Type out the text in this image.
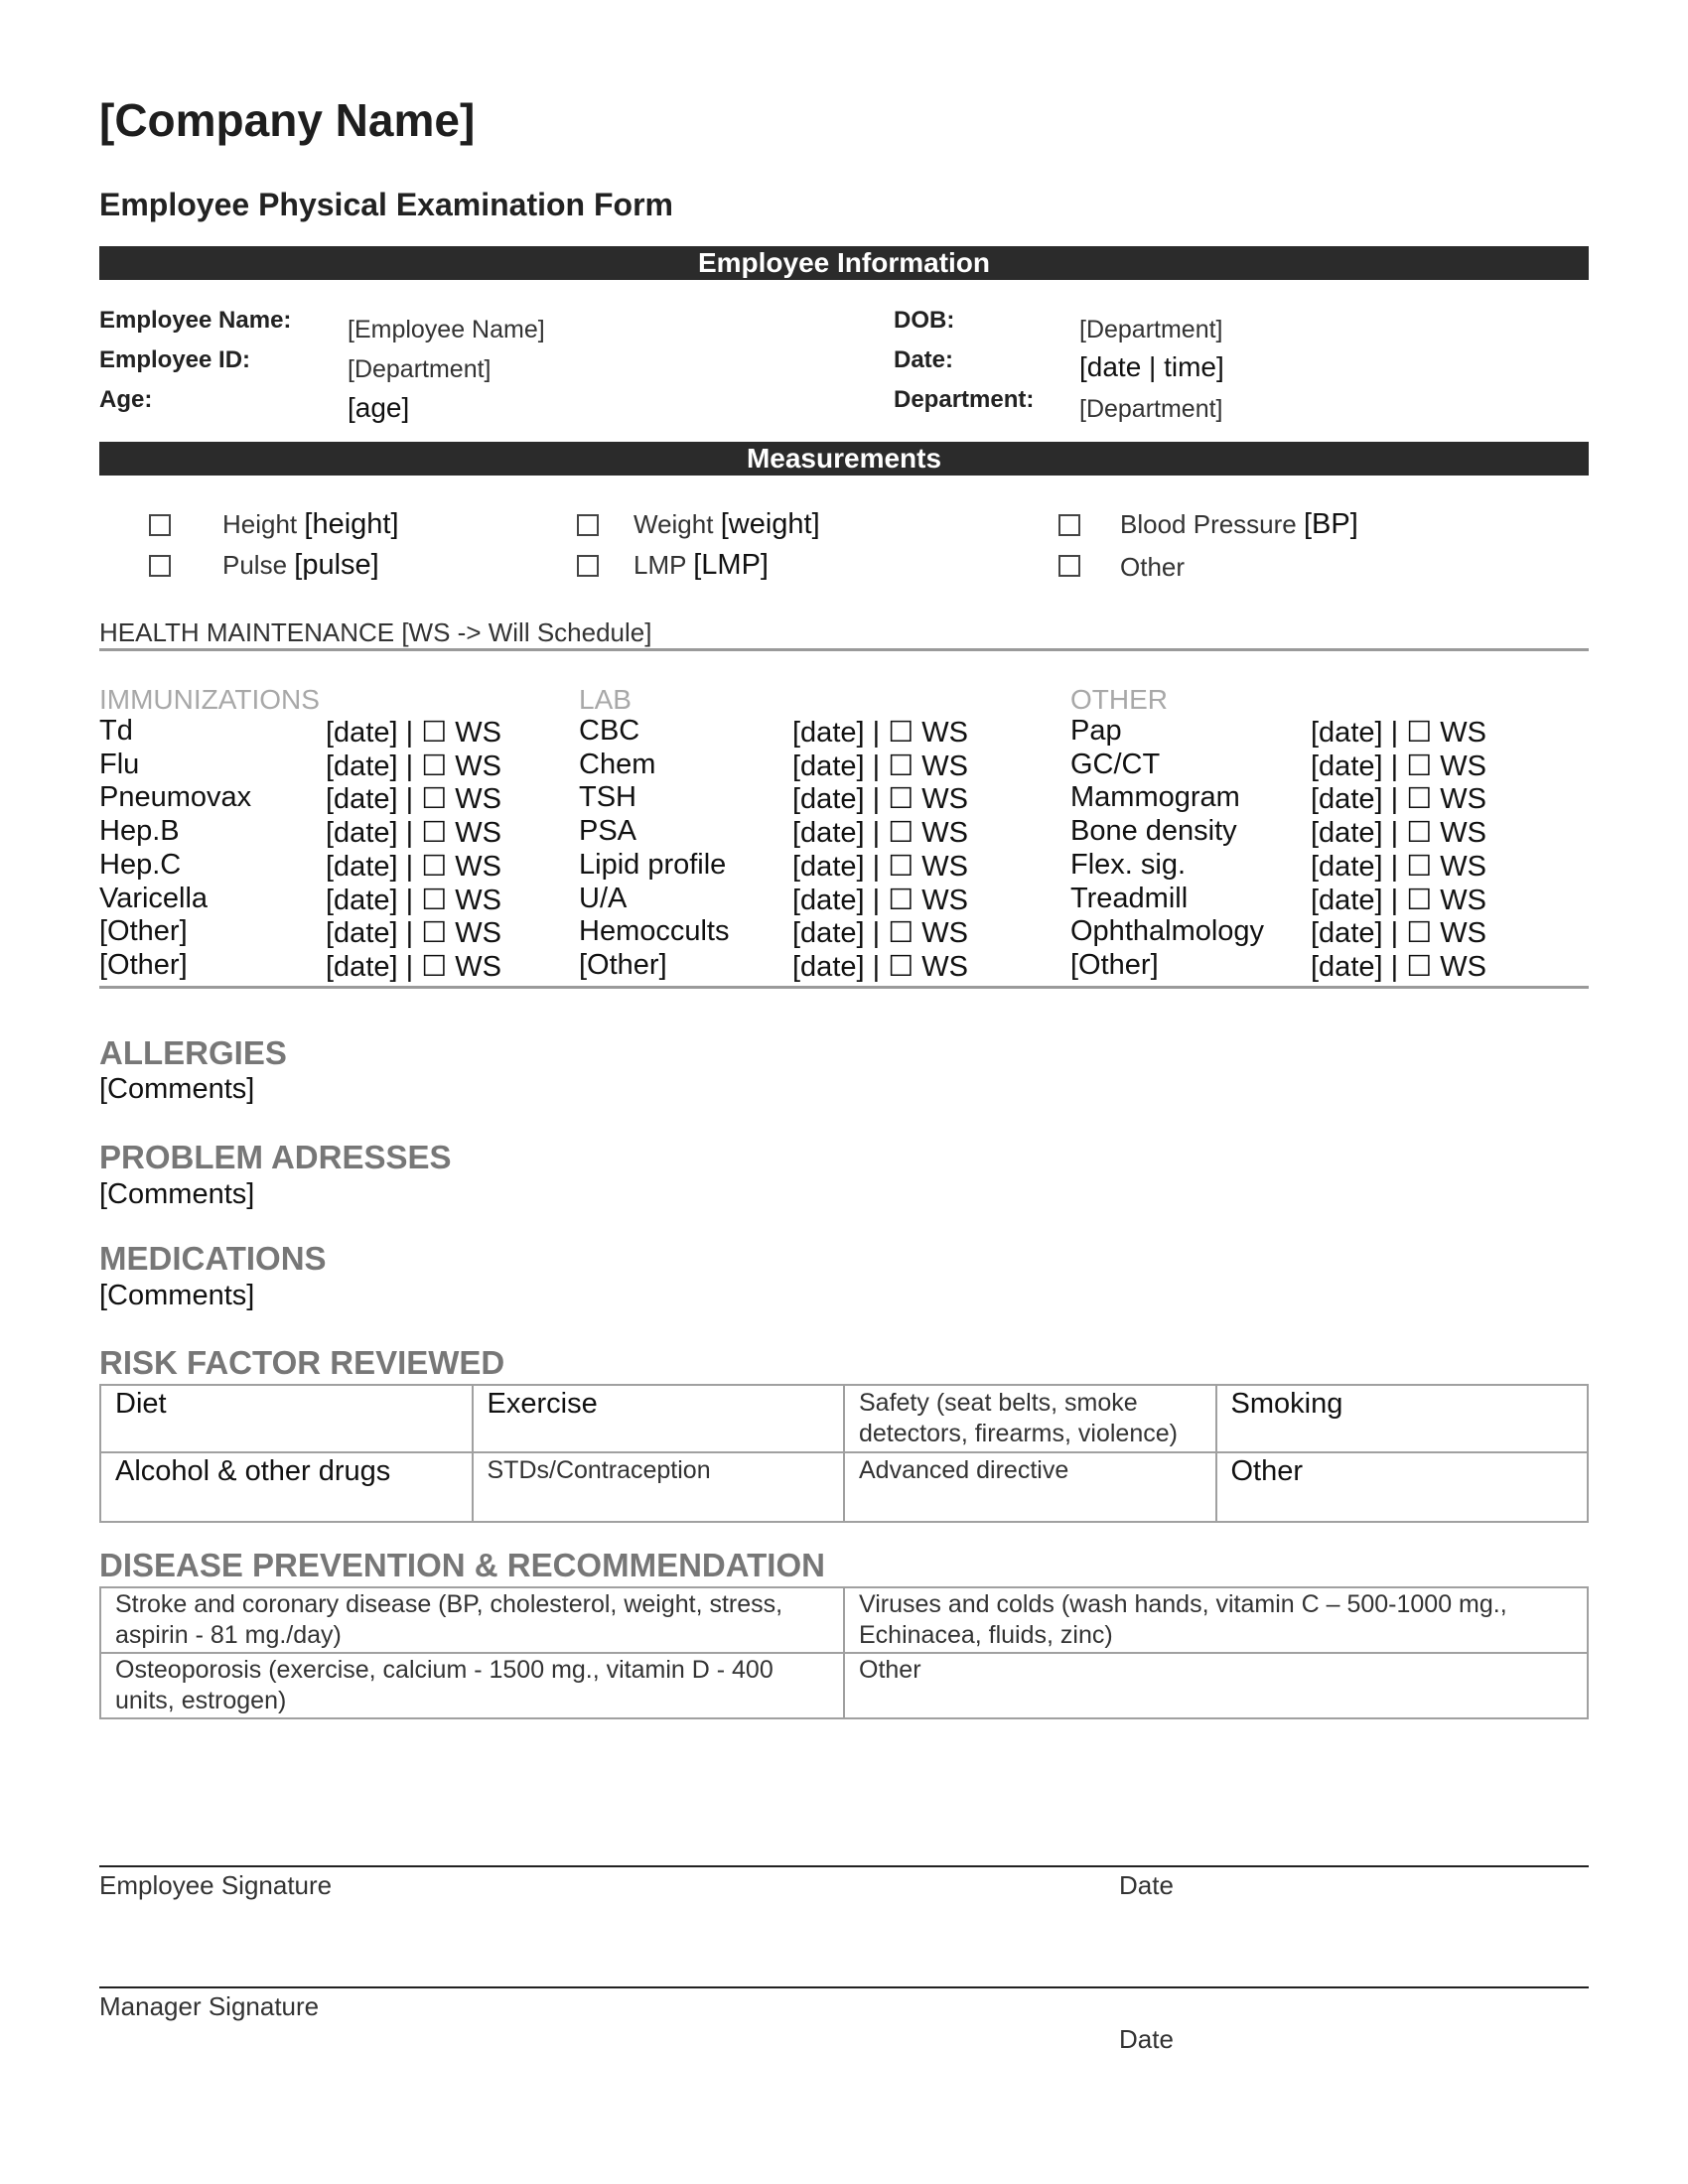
[Company Name]
Employee Physical Examination Form
Employee Information
Employee Name: [Employee Name]
Employee ID:	[Department]
Age:	[age]
DOB:	[Department]
Date:	[date | time]
Department: [Department]
Measurements
Height [height]	Weight [weight]	Blood Pressure [BP]
Pulse [pulse]	LMP [LMP]	Other
HEALTH MAINTENANCE [WS -> Will Schedule]
IMMUNIZATIONS
Td	[date] | ☐ WS
Flu	[date] | ☐ WS
Pneumovax	[date] | ☐ WS
Hep.B	[date] | ☐ WS
Hep.C	[date] | ☐ WS
Varicella	[date] | ☐ WS
[Other]	[date] | ☐ WS
[Other]	[date] | ☐ WS
LAB
CBC	[date] | ☐ WS
Chem	[date] | ☐ WS
TSH	[date] | ☐ WS
PSA	[date] | ☐ WS
Lipid profile [date] | ☐ WS
U/A	[date] | ☐ WS
Hemoccults [date] | ☐ WS
[Other]	[date] | ☐ WS
OTHER
Pap	[date] | ☐ WS
GC/CT	[date] | ☐ WS
Mammogram [date] | ☐ WS
Bone density	[date] | ☐ WS
Flex. sig.	[date] | ☐ WS
Treadmill	[date] | ☐ WS
Ophthalmology [date] | ☐ WS
[Other]	[date] | ☐ WS
ALLERGIES
[Comments]
PROBLEM ADRESSES
[Comments]
MEDICATIONS
[Comments]
RISK FACTOR REVIEWED
Diet	Exercise	Safety (seat belts, smoke detectors, firearms, violence)	Smoking
Alcohol & other drugs	STDs/Contraception	Advanced directive	Other
DISEASE PREVENTION & RECOMMENDATION
Stroke and coronary disease (BP, cholesterol, weight, stress, aspirin - 81 mg./day)	Viruses and colds (wash hands, vitamin C – 500-1000 mg., Echinacea, fluids, zinc)
Osteoporosis (exercise, calcium - 1500 mg., vitamin D - 400 units, estrogen)	Other
Employee Signature	Date
Manager Signature
Date
